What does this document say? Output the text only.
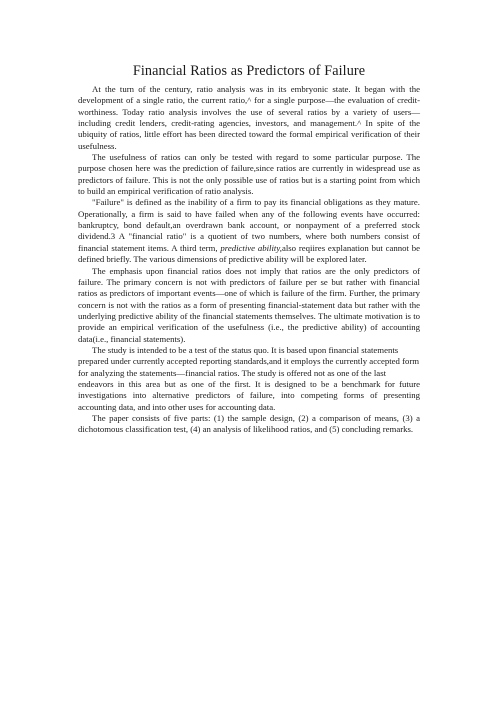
Financial Ratios as Predictors of Failure

At the turn of the century, ratio analysis was in its embryonic state. It began with the development of a single ratio, the current ratio,^ for a single purpose—the evaluation of credit-worthiness. Today ratio analysis involves the use of several ratios by a variety of users—including credit lenders, credit-rating agencies, investors, and management.^ In spite of the ubiquity of ratios, little effort has been directed toward the formal empirical verification of their usefulness.

The usefulness of ratios can only be tested with regard to some particular purpose. The purpose chosen here was the prediction of failure,since ratios are currently in widespread use as predictors of failure. This is not the only possible use of ratios but is a starting point from which to build an empirical verification of ratio analysis.

"Failure" is defined as the inability of a firm to pay its financial obligations as they mature. Operationally, a firm is said to have failed when any of the following events have occurred: bankruptcy, bond default,an overdrawn bank account, or nonpayment of a preferred stock dividend.3 A "financial ratio" is a quotient of two numbers, where both numbers consist of financial statement items. A third term, predictive ability,also reqiires explanation but cannot be defined briefly. The various dimensions of predictive ability will be explored later.

The emphasis upon financial ratios does not imply that ratios are the only predictors of failure. The primary concern is not with predictors of failure per se but rather with financial ratios as predictors of important events—one of which is failure of the firm. Further, the primary concern is not with the ratios as a form of presenting financial-statement data but rather with the underlying predictive ability of the financial statements themselves. The ultimate motivation is to provide an empirical verification of the usefulness (i.e., the predictive ability) of accounting data(i.e., financial statements).

The study is intended to be a test of the status quo. It is based upon financial statements prepared under currently accepted reporting standards,and it employs the currently accepted form for analyzing the statements—financial ratios. The study is offered not as one of the last

endeavors in this area but as one of the first. It is designed to be a benchmark for future investigations into alternative predictors of failure, into competing forms of presenting accounting data, and into other uses for accounting data.

The paper consists of five parts: (1) the sample design, (2) a comparison of means, (3) a dichotomous classification test, (4) an analysis of likelihood ratios, and (5) concluding remarks.
